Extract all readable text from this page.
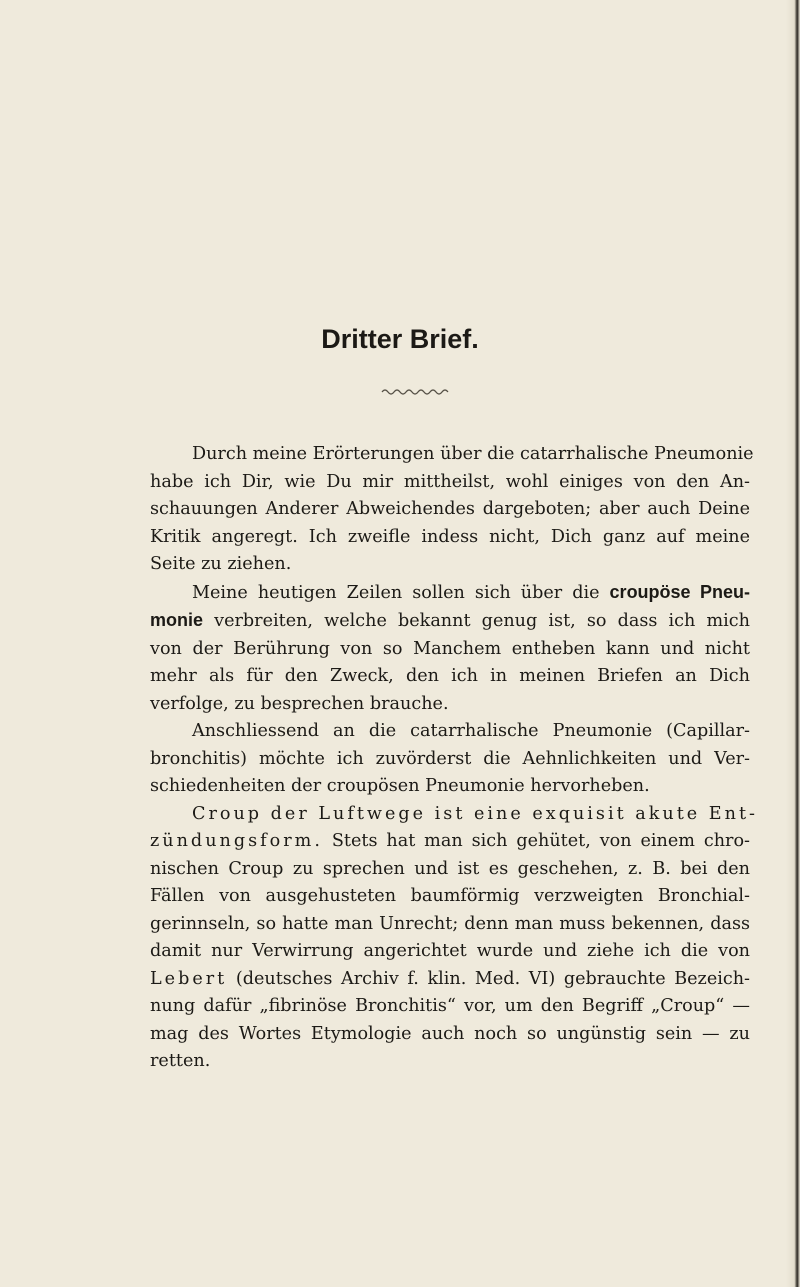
Dritter Brief.
Durch meine Erörterungen über die catarrhalische Pneumonie
habe ich Dir, wie Du mir mittheilst, wohl einiges von den An-
schauungen Anderer Abweichendes dargeboten; aber auch Deine
Kritik angeregt. Ich zweifle indess nicht, Dich ganz auf meine
Seite zu ziehen.
Meine heutigen Zeilen sollen sich über die croupöse Pneu-
monie verbreiten, welche bekannt genug ist, so dass ich mich
von der Berührung von so Manchem entheben kann und nicht
mehr als für den Zweck, den ich in meinen Briefen an Dich
verfolge, zu besprechen brauche.
Anschliessend an die catarrhalische Pneumonie (Capillar-
bronchitis) möchte ich zuvörderst die Aehnlichkeiten und Ver-
schiedenheiten der croupösen Pneumonie hervorheben.
Croup der Luftwege ist eine exquisit akute Ent-
zündungsform. Stets hat man sich gehütet, von einem chro-
nischen Croup zu sprechen und ist es geschehen, z. B. bei den
Fällen von ausgehusteten baumförmig verzweigten Bronchial-
gerinnseln, so hatte man Unrecht; denn man muss bekennen, dass
damit nur Verwirrung angerichtet wurde und ziehe ich die von
Lebert (deutsches Archiv f. klin. Med. VI) gebrauchte Bezeich-
nung dafür „fibrinöse Bronchitis“ vor, um den Begriff „Croup“ —
mag des Wortes Etymologie auch noch so ungünstig sein — zu
retten.
